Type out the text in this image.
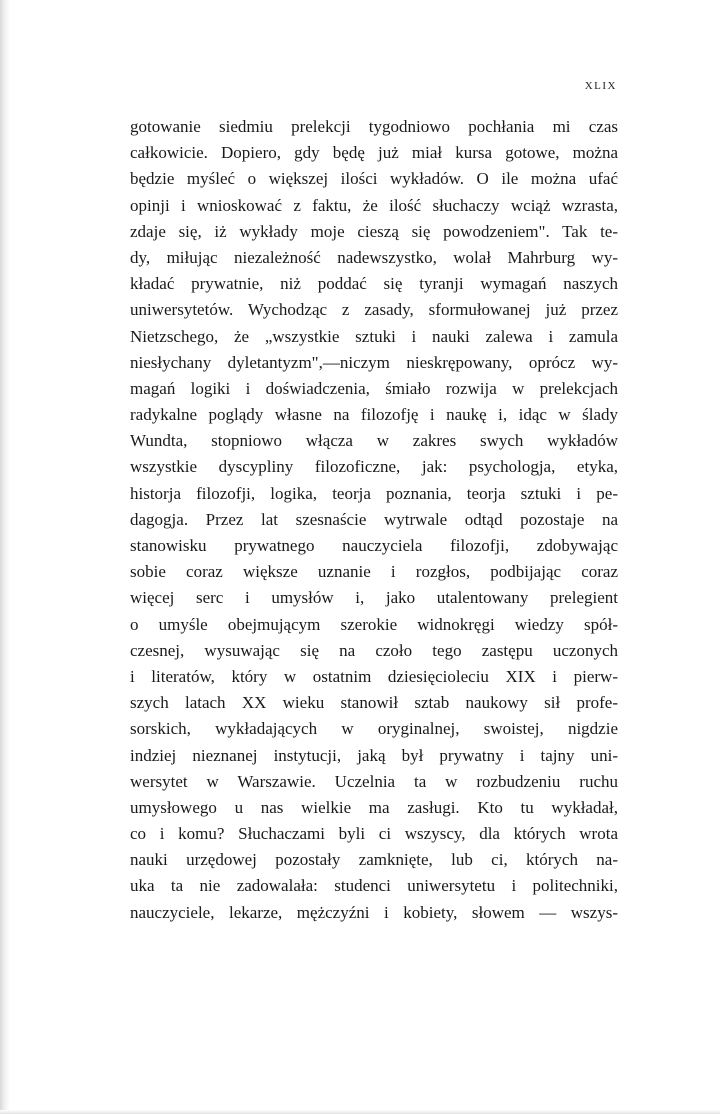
XLIX
gotowanie siedmiu prelekcji tygodniowo pochłania mi czas
całkowicie. Dopiero, gdy będę już miał kursa gotowe, można
będzie myśleć o większej ilości wykładów. O ile można ufać
opinji i wnioskować z faktu, że ilość słuchaczy wciąż wzrasta,
zdaje się, iż wykłady moje cieszą się powodzeniem". Tak te-
dy, miłując niezależność nadewszystko, wolał Mahrburg wy-
kładać prywatnie, niż poddać się tyranji wymagań naszych
uniwersytetów. Wychodząc z zasady, sformułowanej już przez
Nietzschego, że „wszystkie sztuki i nauki zalewa i zamula
niesłychany dyletantyzm",—niczym nieskrępowany, oprócz wy-
magań logiki i doświadczenia, śmiało rozwija w prelekcjach
radykalne poglądy własne na filozofję i naukę i, idąc w ślady
Wundta, stopniowo włącza w zakres swych wykładów
wszystkie dyscypliny filozoficzne, jak: psychologja, etyka,
historja filozofji, logika, teorja poznania, teorja sztuki i pe-
dagogja. Przez lat szesnaście wytrwale odtąd pozostaje na
stanowisku prywatnego nauczyciela filozofji, zdobywając
sobie coraz większe uznanie i rozgłos, podbijając coraz
więcej serc i umysłów i, jako utalentowany prelegient
o umyśle obejmującym szerokie widnokręgi wiedzy spół-
czesnej, wysuwając się na czoło tego zastępu uczonych
i literatów, który w ostatnim dziesięcioleciu XIX i pierw-
szych latach XX wieku stanowił sztab naukowy sił profe-
sorskich, wykładających w oryginalnej, swoistej, nigdzie
indziej nieznanej instytucji, jaką był prywatny i tajny uni-
wersytet w Warszawie. Uczelnia ta w rozbudzeniu ruchu
umysłowego u nas wielkie ma zasługi. Kto tu wykładał,
co i komu? Słuchaczami byli ci wszyscy, dla których wrota
nauki urzędowej pozostały zamknięte, lub ci, których na-
uka ta nie zadowalała: studenci uniwersytetu i politechniki,
nauczyciele, lekarze, mężczyźni i kobiety, słowem — wszys-
